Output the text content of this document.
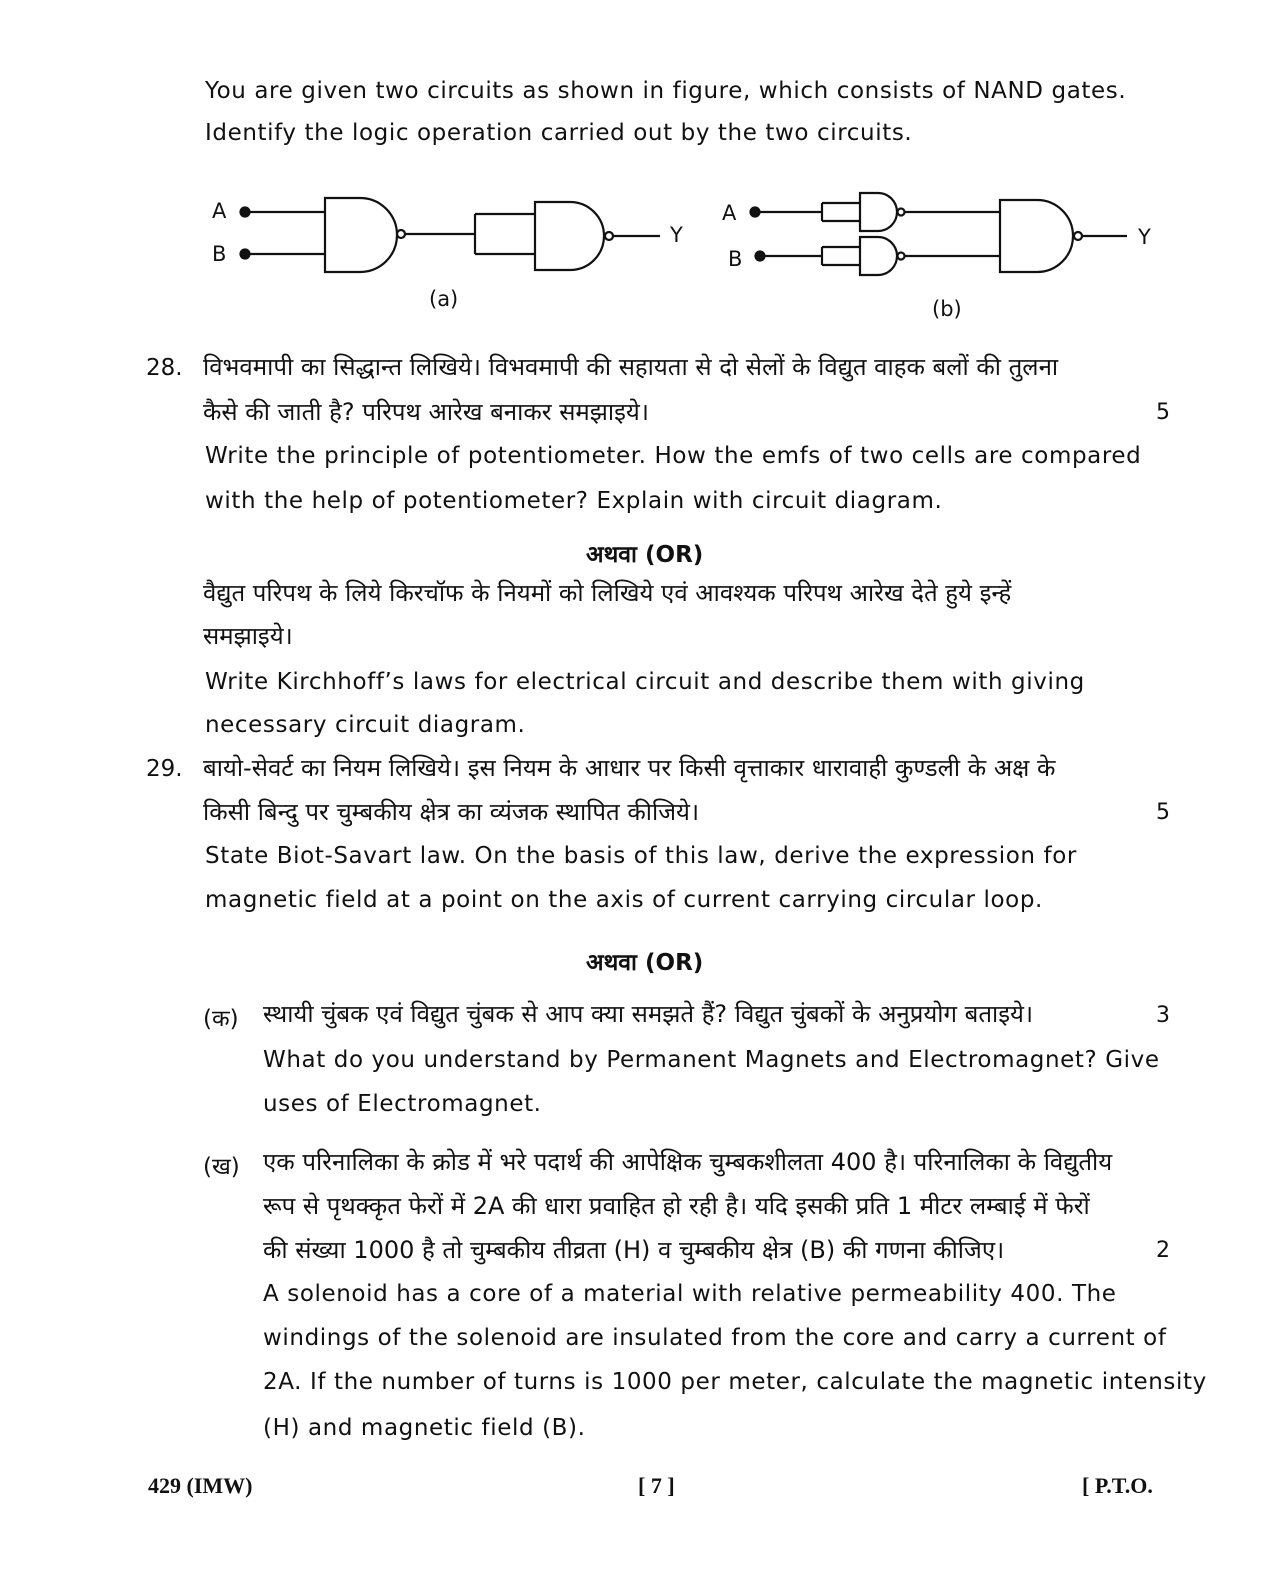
You are given two circuits as shown in figure, which consists of NAND gates.
Identify the logic operation carried out by the two circuits.
A
B
Y
(a)
A
B
Y
(b)
28. विभवमापी का सिद्धान्त लिखिये। विभवमापी की सहायता से दो सेलों के विद्युत वाहक बलों की तुलना
कैसे की जाती है? परिपथ आरेख बनाकर समझाइये।	5
Write the principle of potentiometer. How the emfs of two cells are compared
with the help of potentiometer? Explain with circuit diagram.
अथवा (OR)
वैद्युत परिपथ के लिये किरचॉफ के नियमों को लिखिये एवं आवश्यक परिपथ आरेख देते हुये इन्हें
समझाइये।
Write Kirchhoff’s laws for electrical circuit and describe them with giving
necessary circuit diagram.
29. बायो-सेवर्ट का नियम लिखिये। इस नियम के आधार पर किसी वृत्ताकार धारावाही कुण्डली के अक्ष के
किसी बिन्दु पर चुम्बकीय क्षेत्र का व्यंजक स्थापित कीजिये।	5
State Biot-Savart law. On the basis of this law, derive the expression for
magnetic field at a point on the axis of current carrying circular loop.
अथवा (OR)
(क) स्थायी चुंबक एवं विद्युत चुंबक से आप क्या समझते हैं? विद्युत चुंबकों के अनुप्रयोग बताइये।	3
What do you understand by Permanent Magnets and Electromagnet? Give
uses of Electromagnet.
(ख) एक परिनालिका के क्रोड में भरे पदार्थ की आपेक्षिक चुम्बकशीलता 400 है। परिनालिका के विद्युतीय
रूप से पृथक्कृत फेरों में 2A की धारा प्रवाहित हो रही है। यदि इसकी प्रति 1 मीटर लम्बाई में फेरों
की संख्या 1000 है तो चुम्बकीय तीव्रता (H) व चुम्बकीय क्षेत्र (B) की गणना कीजिए।	2
A solenoid has a core of a material with relative permeability 400. The
windings of the solenoid are insulated from the core and carry a current of
2A. If the number of turns is 1000 per meter, calculate the magnetic intensity
(H) and magnetic field (B).
429 (IMW)	[ 7 ]	[ P.T.O.
